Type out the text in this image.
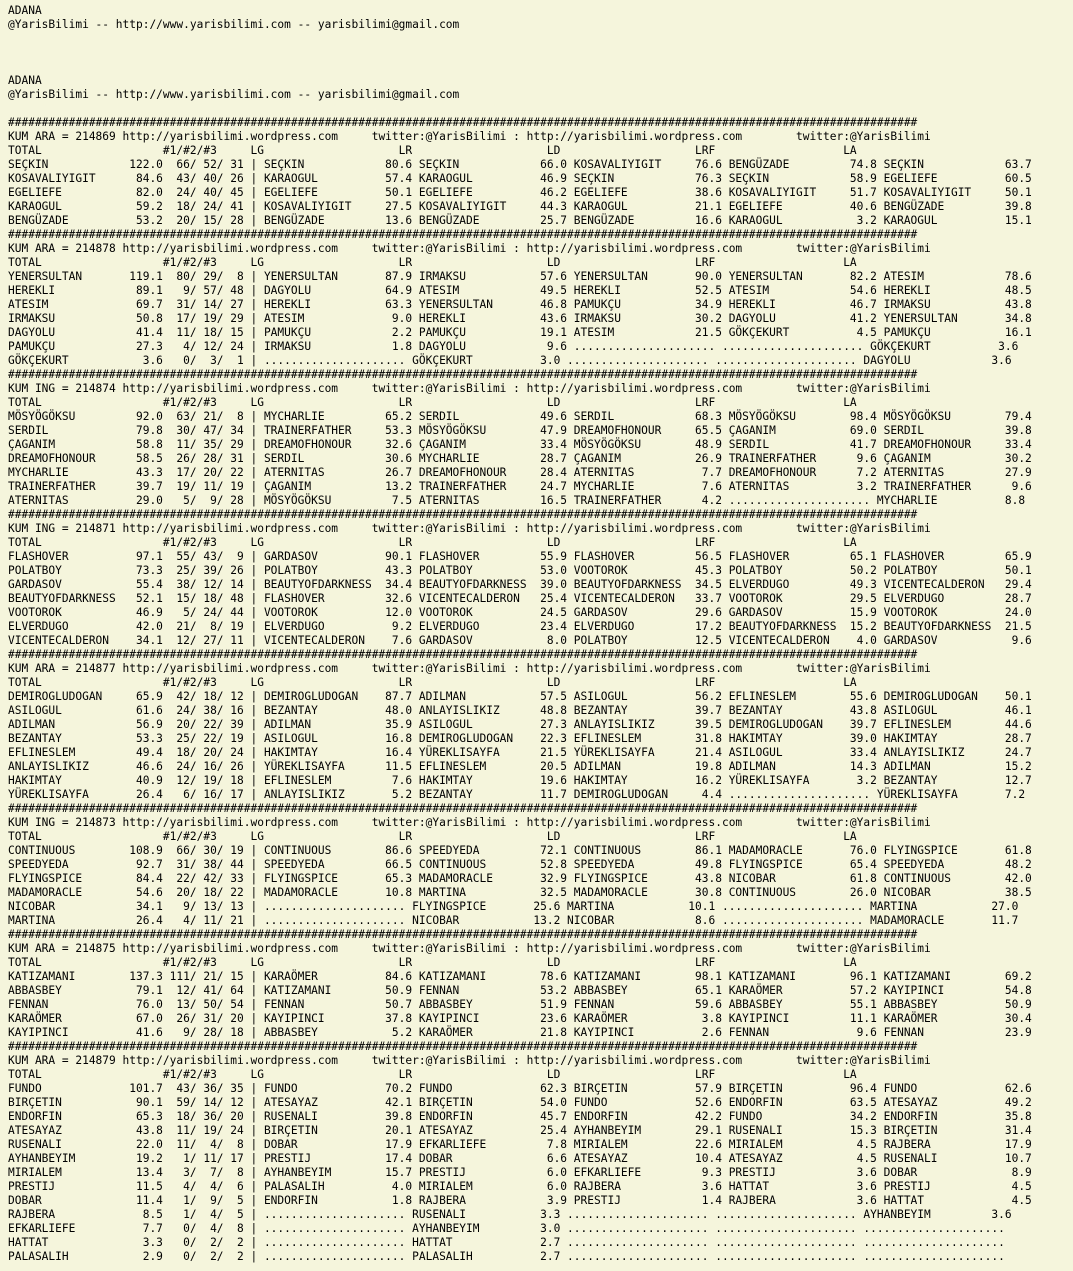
ADANA
@YarisBilimi -- http://www.yarisbilimi.com -- yarisbilimi@gmail.com
ADANA
@YarisBilimi -- http://www.yarisbilimi.com -- yarisbilimi@gmail.com
#######################################################################################################################################
KUM ARA = 214869 http://yarisbilimi.wordpress.com     twitter:@YarisBilimi : http://yarisbilimi.wordpress.com        twitter:@YarisBilimi
TOTAL                  #1/#2/#3     LG                    LR                    LD                    LRF                   LA
SEÇKIN            122.0  66/ 52/ 31 | SEÇKIN            80.6 SEÇKIN            66.0 KOSAVALIYIGIT     76.6 BENGÜZADE         74.8 SEÇKIN            63.7
KOSAVALIYIGIT      84.6  43/ 40/ 26 | KARAOGUL          57.4 KARAOGUL          46.9 SEÇKIN            76.3 SEÇKIN            58.9 EGELIEFE          60.5
EGELIEFE           82.0  24/ 40/ 45 | EGELIEFE          50.1 EGELIEFE          46.2 EGELIEFE          38.6 KOSAVALIYIGIT     51.7 KOSAVALIYIGIT     50.1
KARAOGUL           59.2  18/ 24/ 41 | KOSAVALIYIGIT     27.5 KOSAVALIYIGIT     44.3 KARAOGUL          21.1 EGELIEFE          40.6 BENGÜZADE         39.8
BENGÜZADE          53.2  20/ 15/ 28 | BENGÜZADE         13.6 BENGÜZADE         25.7 BENGÜZADE         16.6 KARAOGUL           3.2 KARAOGUL          15.1
#######################################################################################################################################
KUM ARA = 214878 http://yarisbilimi.wordpress.com     twitter:@YarisBilimi : http://yarisbilimi.wordpress.com        twitter:@YarisBilimi
TOTAL                  #1/#2/#3     LG                    LR                    LD                    LRF                   LA
YENERSULTAN       119.1  80/ 29/  8 | YENERSULTAN       87.9 IRMAKSU           57.6 YENERSULTAN       90.0 YENERSULTAN       82.2 ATESIM            78.6
HEREKLI            89.1   9/ 57/ 48 | DAGYOLU           64.9 ATESIM            49.5 HEREKLI           52.5 ATESIM            54.6 HEREKLI           48.5
ATESIM             69.7  31/ 14/ 27 | HEREKLI           63.3 YENERSULTAN       46.8 PAMUKÇU           34.9 HEREKLI           46.7 IRMAKSU           43.8
IRMAKSU            50.8  17/ 19/ 29 | ATESIM             9.0 HEREKLI           43.6 IRMAKSU           30.2 DAGYOLU           41.2 YENERSULTAN       34.8
DAGYOLU            41.4  11/ 18/ 15 | PAMUKÇU            2.2 PAMUKÇU           19.1 ATESIM            21.5 GÖKÇEKURT          4.5 PAMUKÇU           16.1
PAMUKÇU            27.3   4/ 12/ 24 | IRMAKSU            1.8 DAGYOLU            9.6 ..................... ..................... GÖKÇEKURT          3.6
GÖKÇEKURT           3.6   0/  3/  1 | ..................... GÖKÇEKURT          3.0 ..................... ..................... DAGYOLU            3.6
#######################################################################################################################################
KUM ING = 214874 http://yarisbilimi.wordpress.com     twitter:@YarisBilimi : http://yarisbilimi.wordpress.com        twitter:@YarisBilimi
TOTAL                  #1/#2/#3     LG                    LR                    LD                    LRF                   LA
MÖSYÖGÖKSU         92.0  63/ 21/  8 | MYCHARLIE         65.2 SERDIL            49.6 SERDIL            68.3 MÖSYÖGÖKSU        98.4 MÖSYÖGÖKSU        79.4
SERDIL             79.8  30/ 47/ 34 | TRAINERFATHER     53.3 MÖSYÖGÖKSU        47.9 DREAMOFHONOUR     65.5 ÇAGANIM           69.0 SERDIL            39.8
ÇAGANIM            58.8  11/ 35/ 29 | DREAMOFHONOUR     32.6 ÇAGANIM           33.4 MÖSYÖGÖKSU        48.9 SERDIL            41.7 DREAMOFHONOUR     33.4
DREAMOFHONOUR      58.5  26/ 28/ 31 | SERDIL            30.6 MYCHARLIE         28.7 ÇAGANIM           26.9 TRAINERFATHER      9.6 ÇAGANIM           30.2
MYCHARLIE          43.3  17/ 20/ 22 | ATERNITAS         26.7 DREAMOFHONOUR     28.4 ATERNITAS          7.7 DREAMOFHONOUR      7.2 ATERNITAS         27.9
TRAINERFATHER      39.7  19/ 11/ 19 | ÇAGANIM           13.2 TRAINERFATHER     24.7 MYCHARLIE          7.6 ATERNITAS          3.2 TRAINERFATHER      9.6
ATERNITAS          29.0   5/  9/ 28 | MÖSYÖGÖKSU         7.5 ATERNITAS         16.5 TRAINERFATHER      4.2 ..................... MYCHARLIE          8.8
#######################################################################################################################################
KUM ING = 214871 http://yarisbilimi.wordpress.com     twitter:@YarisBilimi : http://yarisbilimi.wordpress.com        twitter:@YarisBilimi
TOTAL                  #1/#2/#3     LG                    LR                    LD                    LRF                   LA
FLASHOVER          97.1  55/ 43/  9 | GARDASOV          90.1 FLASHOVER         55.9 FLASHOVER         56.5 FLASHOVER         65.1 FLASHOVER         65.9
POLATBOY           73.3  25/ 39/ 26 | POLATBOY          43.3 POLATBOY          53.0 VOOTOROK          45.3 POLATBOY          50.2 POLATBOY          50.1
GARDASOV           55.4  38/ 12/ 14 | BEAUTYOFDARKNESS  34.4 BEAUTYOFDARKNESS  39.0 BEAUTYOFDARKNESS  34.5 ELVERDUGO         49.3 VICENTECALDERON   29.4
BEAUTYOFDARKNESS   52.1  15/ 18/ 48 | FLASHOVER         32.6 VICENTECALDERON   25.4 VICENTECALDERON   33.7 VOOTOROK          29.5 ELVERDUGO         28.7
VOOTOROK           46.9   5/ 24/ 44 | VOOTOROK          12.0 VOOTOROK          24.5 GARDASOV          29.6 GARDASOV          15.9 VOOTOROK          24.0
ELVERDUGO          42.0  21/  8/ 19 | ELVERDUGO          9.2 ELVERDUGO         23.4 ELVERDUGO         17.2 BEAUTYOFDARKNESS  15.2 BEAUTYOFDARKNESS  21.5
VICENTECALDERON    34.1  12/ 27/ 11 | VICENTECALDERON    7.6 GARDASOV           8.0 POLATBOY          12.5 VICENTECALDERON    4.0 GARDASOV           9.6
#######################################################################################################################################
KUM ARA = 214877 http://yarisbilimi.wordpress.com     twitter:@YarisBilimi : http://yarisbilimi.wordpress.com        twitter:@YarisBilimi
TOTAL                  #1/#2/#3     LG                    LR                    LD                    LRF                   LA
DEMIROGLUDOGAN     65.9  42/ 18/ 12 | DEMIROGLUDOGAN    87.7 ADILMAN           57.5 ASILOGUL          56.2 EFLINESLEM        55.6 DEMIROGLUDOGAN    50.1
ASILOGUL           61.6  24/ 38/ 16 | BEZANTAY          48.0 ANLAYISLIKIZ      48.8 BEZANTAY          39.7 BEZANTAY          43.8 ASILOGUL          46.1
ADILMAN            56.9  20/ 22/ 39 | ADILMAN           35.9 ASILOGUL          27.3 ANLAYISLIKIZ      39.5 DEMIROGLUDOGAN    39.7 EFLINESLEM        44.6
BEZANTAY           53.3  25/ 22/ 19 | ASILOGUL          16.8 DEMIROGLUDOGAN    22.3 EFLINESLEM        31.8 HAKIMTAY          39.0 HAKIMTAY          28.7
EFLINESLEM         49.4  18/ 20/ 24 | HAKIMTAY          16.4 YÜREKLISAYFA      21.5 YÜREKLISAYFA      21.4 ASILOGUL          33.4 ANLAYISLIKIZ      24.7
ANLAYISLIKIZ       46.6  24/ 16/ 26 | YÜREKLISAYFA      11.5 EFLINESLEM        20.5 ADILMAN           19.8 ADILMAN           14.3 ADILMAN           15.2
HAKIMTAY           40.9  12/ 19/ 18 | EFLINESLEM         7.6 HAKIMTAY          19.6 HAKIMTAY          16.2 YÜREKLISAYFA       3.2 BEZANTAY          12.7
YÜREKLISAYFA       26.4   6/ 16/ 17 | ANLAYISLIKIZ       5.2 BEZANTAY          11.7 DEMIROGLUDOGAN     4.4 ..................... YÜREKLISAYFA       7.2
#######################################################################################################################################
KUM ING = 214873 http://yarisbilimi.wordpress.com     twitter:@YarisBilimi : http://yarisbilimi.wordpress.com        twitter:@YarisBilimi
TOTAL                  #1/#2/#3     LG                    LR                    LD                    LRF                   LA
CONTINUOUS        108.9  66/ 30/ 19 | CONTINUOUS        86.6 SPEEDYEDA         72.1 CONTINUOUS        86.1 MADAMORACLE       76.0 FLYINGSPICE       61.8
SPEEDYEDA          92.7  31/ 38/ 44 | SPEEDYEDA         66.5 CONTINUOUS        52.8 SPEEDYEDA         49.8 FLYINGSPICE       65.4 SPEEDYEDA         48.2
FLYINGSPICE        84.4  22/ 42/ 33 | FLYINGSPICE       65.3 MADAMORACLE       32.9 FLYINGSPICE       43.8 NICOBAR           61.8 CONTINUOUS        42.0
MADAMORACLE        54.6  20/ 18/ 22 | MADAMORACLE       10.8 MARTINA           32.5 MADAMORACLE       30.8 CONTINUOUS        26.0 NICOBAR           38.5
NICOBAR            34.1   9/ 13/ 13 | ..................... FLYINGSPICE       25.6 MARTINA           10.1 ..................... MARTINA           27.0
MARTINA            26.4   4/ 11/ 21 | ..................... NICOBAR           13.2 NICOBAR            8.6 ..................... MADAMORACLE       11.7
#######################################################################################################################################
KUM ARA = 214875 http://yarisbilimi.wordpress.com     twitter:@YarisBilimi : http://yarisbilimi.wordpress.com        twitter:@YarisBilimi
TOTAL                  #1/#2/#3     LG                    LR                    LD                    LRF                   LA
KATIZAMANI        137.3 111/ 21/ 15 | KARAÖMER          84.6 KATIZAMANI        78.6 KATIZAMANI        98.1 KATIZAMANI        96.1 KATIZAMANI        69.2
ABBASBEY           79.1  12/ 41/ 64 | KATIZAMANI        50.9 FENNAN            53.2 ABBASBEY          65.1 KARAÖMER          57.2 KAYIPINCI         54.8
FENNAN             76.0  13/ 50/ 54 | FENNAN            50.7 ABBASBEY          51.9 FENNAN            59.6 ABBASBEY          55.1 ABBASBEY          50.9
KARAÖMER           67.0  26/ 31/ 20 | KAYIPINCI         37.8 KAYIPINCI         23.6 KARAÖMER           3.8 KAYIPINCI         11.1 KARAÖMER          30.4
KAYIPINCI          41.6   9/ 28/ 18 | ABBASBEY           5.2 KARAÖMER          21.8 KAYIPINCI          2.6 FENNAN             9.6 FENNAN            23.9
#######################################################################################################################################
KUM ARA = 214879 http://yarisbilimi.wordpress.com     twitter:@YarisBilimi : http://yarisbilimi.wordpress.com        twitter:@YarisBilimi
TOTAL                  #1/#2/#3     LG                    LR                    LD                    LRF                   LA
FUNDO             101.7  43/ 36/ 35 | FUNDO             70.2 FUNDO             62.3 BIRÇETIN          57.9 BIRÇETIN          96.4 FUNDO             62.6
BIRÇETIN           90.1  59/ 14/ 12 | ATESAYAZ          42.1 BIRÇETIN          54.0 FUNDO             52.6 ENDORFIN          63.5 ATESAYAZ          49.2
ENDORFIN           65.3  18/ 36/ 20 | RUSENALI          39.8 ENDORFIN          45.7 ENDORFIN          42.2 FUNDO             34.2 ENDORFIN          35.8
ATESAYAZ           43.8  11/ 19/ 24 | BIRÇETIN          20.1 ATESAYAZ          25.4 AYHANBEYIM        29.1 RUSENALI          15.3 BIRÇETIN          31.4
RUSENALI           22.0  11/  4/  8 | DOBAR             17.9 EFKARLIEFE         7.8 MIRIALEM          22.6 MIRIALEM           4.5 RAJBERA           17.9
AYHANBEYIM         19.2   1/ 11/ 17 | PRESTIJ           17.4 DOBAR              6.6 ATESAYAZ          10.4 ATESAYAZ           4.5 RUSENALI          10.7
MIRIALEM           13.4   3/  7/  8 | AYHANBEYIM        15.7 PRESTIJ            6.0 EFKARLIEFE         9.3 PRESTIJ            3.6 DOBAR              8.9
PRESTIJ            11.5   4/  4/  6 | PALASALIH          4.0 MIRIALEM           6.0 RAJBERA            3.6 HATTAT             3.6 PRESTIJ            4.5
DOBAR              11.4   1/  9/  5 | ENDORFIN           1.8 RAJBERA            3.9 PRESTIJ            1.4 RAJBERA            3.6 HATTAT             4.5
RAJBERA             8.5   1/  4/  5 | ..................... RUSENALI           3.3 ..................... ..................... AYHANBEYIM         3.6
EFKARLIEFE          7.7   0/  4/  8 | ..................... AYHANBEYIM         3.0 ..................... ..................... .....................
HATTAT              3.3   0/  2/  2 | ..................... HATTAT             2.7 ..................... ..................... .....................
PALASALIH           2.9   0/  2/  2 | ..................... PALASALIH          2.7 ..................... ..................... .....................
